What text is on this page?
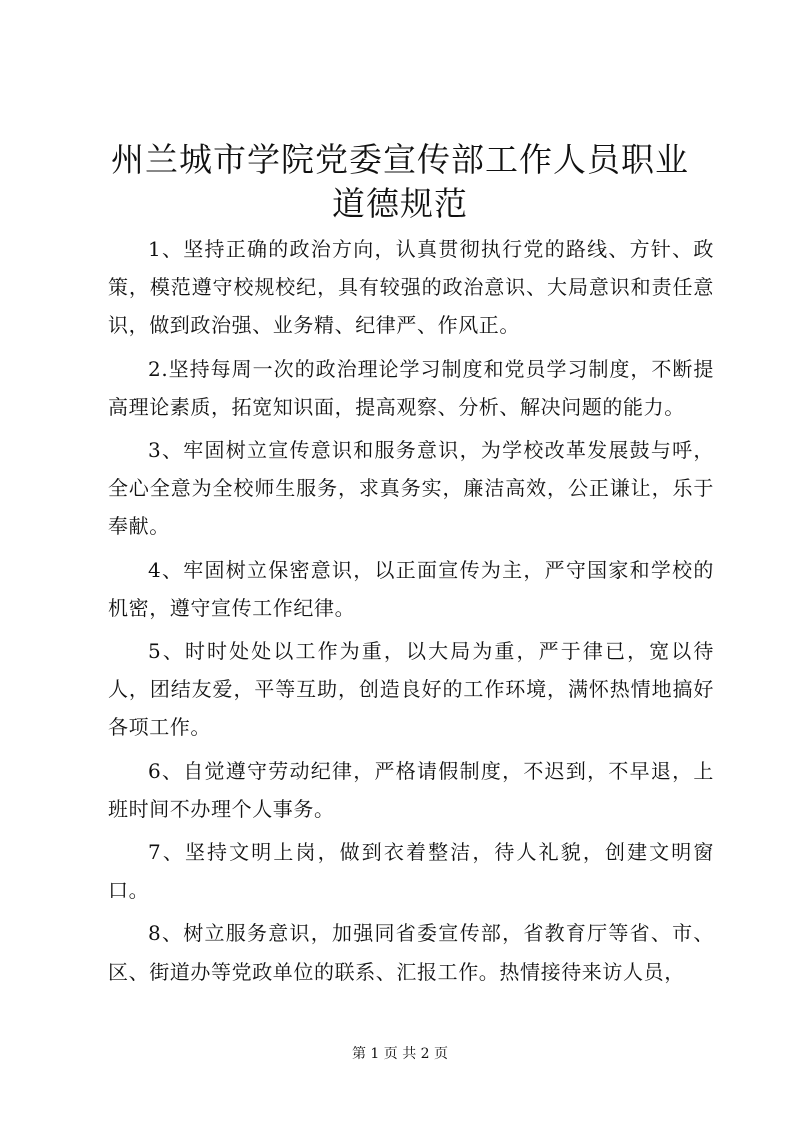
州兰城市学院党委宣传部工作人员职业道德规范

1、坚持正确的政治方向，认真贯彻执行党的路线、方针、政策，模范遵守校规校纪，具有较强的政治意识、大局意识和责任意识，做到政治强、业务精、纪律严、作风正。

2.坚持每周一次的政治理论学习制度和党员学习制度，不断提高理论素质，拓宽知识面，提高观察、分析、解决问题的能力。

3、牢固树立宣传意识和服务意识，为学校改革发展鼓与呼，全心全意为全校师生服务，求真务实，廉洁高效，公正谦让，乐于奉献。

4、牢固树立保密意识，以正面宣传为主，严守国家和学校的机密，遵守宣传工作纪律。

5、时时处处以工作为重，以大局为重，严于律已，宽以待人，团结友爱，平等互助，创造良好的工作环境，满怀热情地搞好各项工作。

6、自觉遵守劳动纪律，严格请假制度，不迟到，不早退，上班时间不办理个人事务。

7、坚持文明上岗，做到衣着整洁，待人礼貌，创建文明窗口。

8、树立服务意识，加强同省委宣传部，省教育厅等省、市、区、街道办等党政单位的联系、汇报工作。热情接待来访人员，

第 1 页 共 2 页
